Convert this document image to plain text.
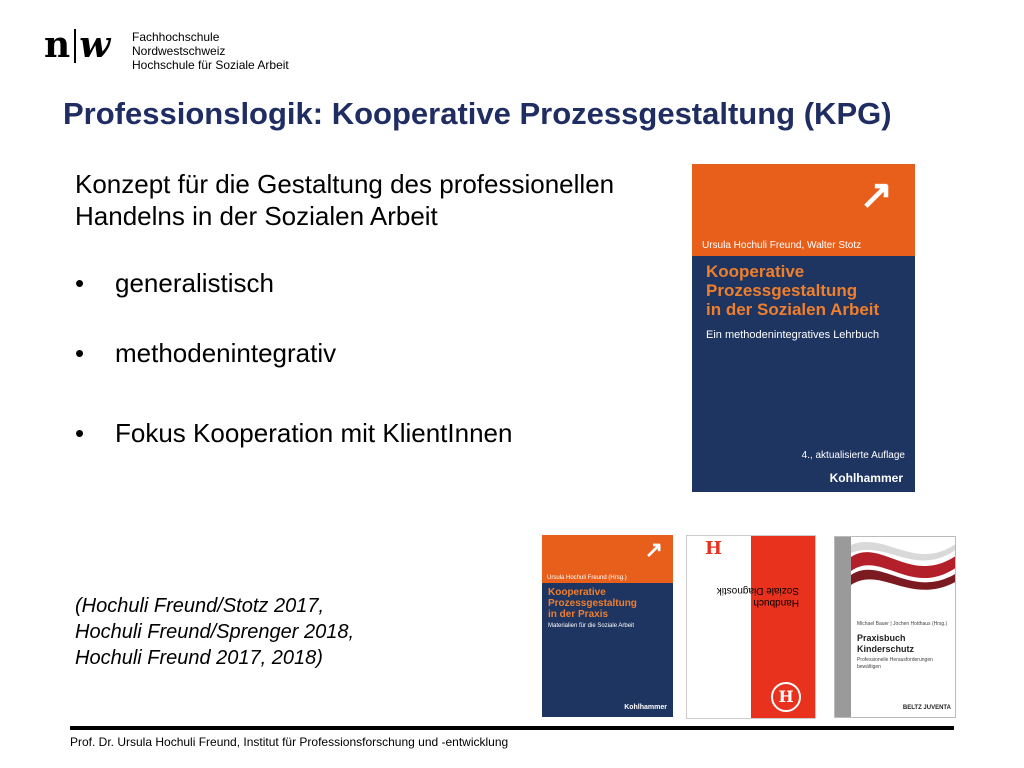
n w Fachhochschule Nordwestschweiz
Hochschule für Soziale Arbeit
Professionslogik: Kooperative Prozessgestaltung (KPG)
Konzept für die Gestaltung des professionellen
Handelns in der Sozialen Arbeit
• generalistisch
• methodenintegrativ
• Fokus Kooperation mit KlientInnen
(Hochuli Freund/Stotz 2017,
Hochuli Freund/Sprenger 2018,
Hochuli Freund 2017, 2018)
↗
Ursula Hochuli Freund, Walter Stotz
Kooperative
Prozessgestaltung
in der Sozialen Arbeit
Ein methodenintegratives Lehrbuch
4., aktualisierte Auflage
Kohlhammer
↗
Ursula Hochuli Freund (Hrsg.)
Kooperative
Prozessgestaltung
in der Praxis
Materialien für die Soziale Arbeit
Kohlhammer
H
Handbuch
Soziale Diagnostik
H
Michael Bauer | Jochen Hotthaus (Hrsg.)
Praxisbuch
Kinderschutz
Professionelle Herausforderungen
bewältigen
BELTZ JUVENTA
Prof. Dr. Ursula Hochuli Freund, Institut für Professionsforschung und -entwicklung
